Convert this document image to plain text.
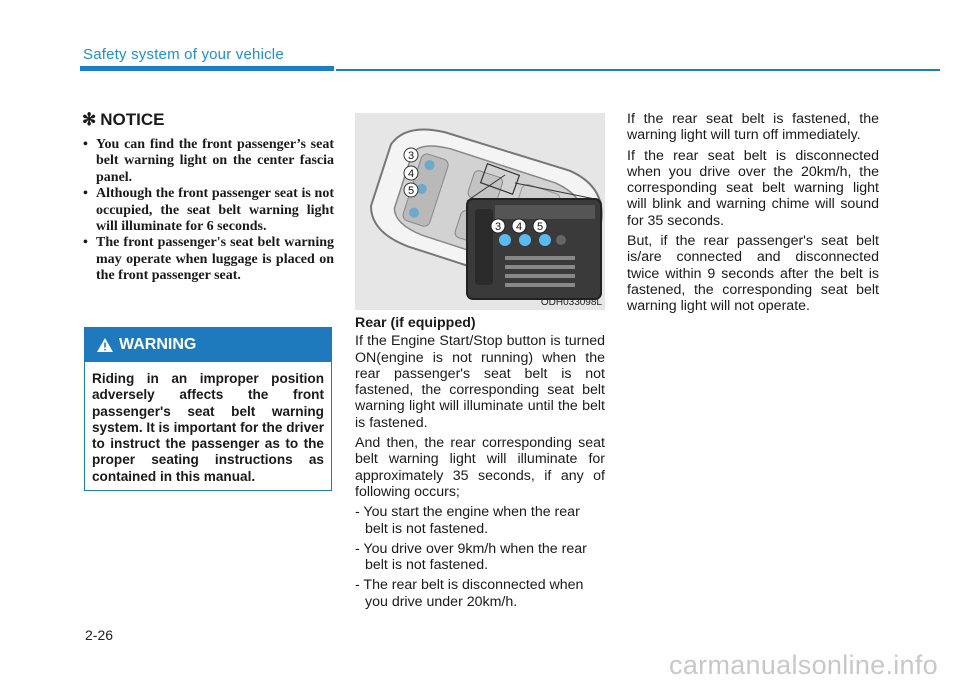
Safety system of your vehicle
✻ NOTICE
• You can find the front passenger’s seat belt warning light on the center fascia panel.
• Although the front passenger seat is not occupied, the seat belt warning light will illuminate for 6 seconds.
• The front passenger's seat belt warning may operate when luggage is placed on the front passenger seat.
WARNING
Riding in an improper position adversely affects the front passenger's seat belt warning system. It is important for the driver to instruct the passenger as to the proper seating instructions as contained in this manual.
3
4
5
3 4 5
ODH033098L
Rear (if equipped)

If the Engine Start/Stop button is turned ON(engine is not running) when the rear passenger's seat belt is not fastened, the corresponding seat belt warning light will illuminate until the belt is fastened.

And then, the rear corresponding seat belt warning light will illuminate for approximately 35 seconds, if any of following occurs;

- You start the engine when the rear belt is not fastened.
- You drive over 9km/h when the rear belt is not fastened.
- The rear belt is disconnected when you drive under 20km/h.

If the rear seat belt is fastened, the warning light will turn off immediately.

If the rear seat belt is disconnected when you drive over the 20km/h, the corresponding seat belt warning light will blink and warning chime will sound for 35 seconds.

But, if the rear passenger's seat belt is/are connected and disconnected twice within 9 seconds after the belt is fastened, the corresponding seat belt warning light will not operate.

2-26
carmanualsonline.info
